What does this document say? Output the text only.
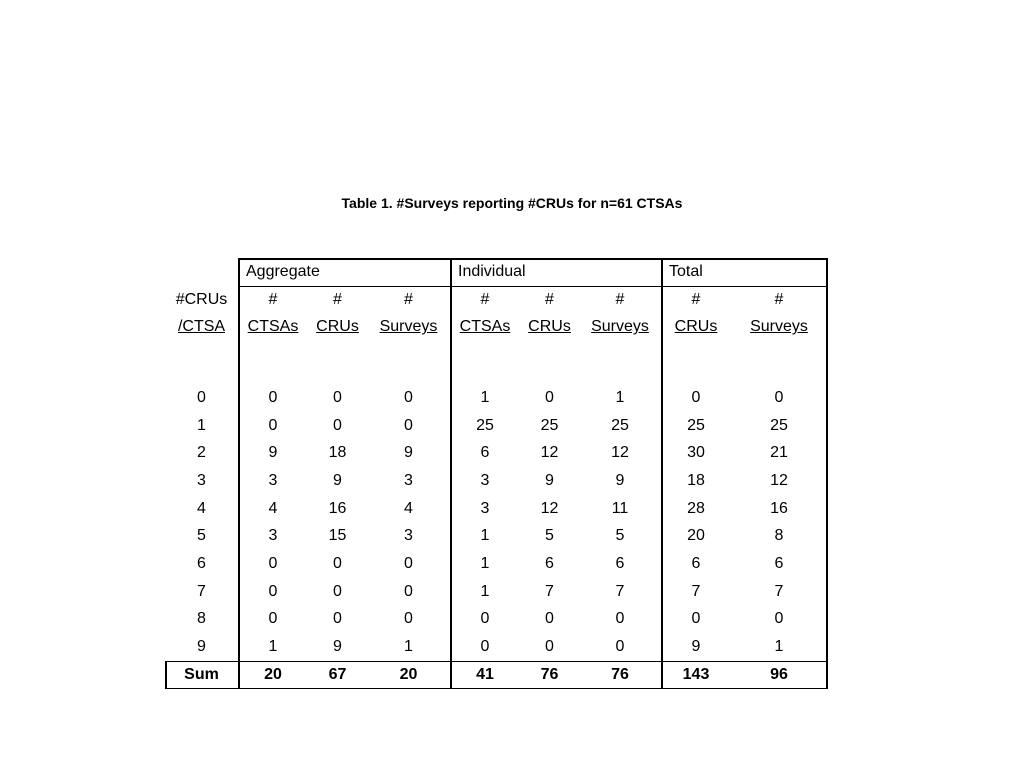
Table 1. #Surveys reporting #CRUs for n=61 CTSAs
Aggregate	Individual	Total
#CRUs	#	#	#	#	#	#	#	#
/CTSA	CTSAs	CRUs	Surveys	CTSAs	CRUs	Surveys	CRUs	Surveys
0	0	0	0	1	0	1	0	0
1	0	0	0	25	25	25	25	25
2	9	18	9	6	12	12	30	21
3	3	9	3	3	9	9	18	12
4	4	16	4	3	12	11	28	16
5	3	15	3	1	5	5	20	8
6	0	0	0	1	6	6	6	6
7	0	0	0	1	7	7	7	7
8	0	0	0	0	0	0	0	0
9	1	9	1	0	0	0	9	1
Sum	20	67	20	41	76	76	143	96
